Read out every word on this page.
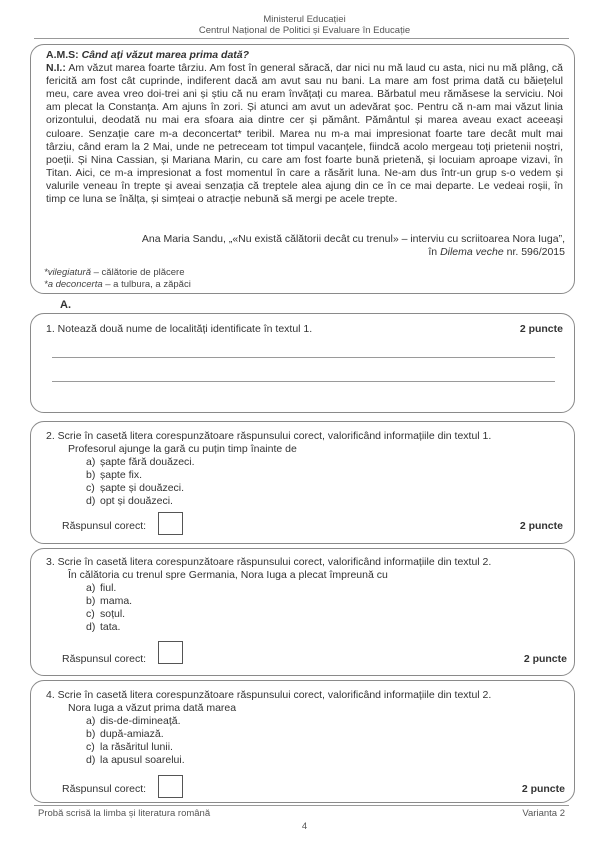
Ministerul Educației
Centrul Național de Politici și Evaluare în Educație

A.M.S: Când ați văzut marea prima dată?

N.I.: Am văzut marea foarte târziu. Am fost în general săracă, dar nici nu mă laud cu asta, nici nu mă plâng, că fericită am fost cât cuprinde, indiferent dacă am avut sau nu bani. La mare am fost prima dată cu băiețelul meu, care avea vreo doi-trei ani și știu că nu eram învățați cu marea. Bărbatul meu rămăsese la serviciu. Noi am plecat la Constanța. Am ajuns în zori. Și atunci am avut un adevărat șoc. Pentru că n-am mai văzut linia orizontului, deodată nu mai era sfoara aia dintre cer și pământ. Pământul și marea aveau exact aceeași culoare. Senzație care m-a deconcertat* teribil. Marea nu m-a mai impresionat foarte tare decât mult mai târziu, când eram la 2 Mai, unde ne petreceam tot timpul vacanțele, fiindcă acolo mergeau toți prietenii noștri, poeții. Și Nina Cassian, și Mariana Marin, cu care am fost foarte bună prietenă, și locuiam aproape vizavi, în Titan. Aici, ce m-a impresionat a fost momentul în care a răsărit luna. Ne-am dus într-un grup s-o vedem și valurile veneau în trepte și aveai senzația că treptele alea ajung din ce în ce mai departe. Le vedeai roșii, în timp ce luna se înălța, și simțeai o atracție nebună să mergi pe acele trepte.

Ana Maria Sandu, „«Nu există călătorii decât cu trenul» – interviu cu scriitoarea Nora Iuga”,
în Dilema veche nr. 596/2015
*vilegiatură – călătorie de plăcere
*a deconcerta – a tulbura, a zăpăci
A.
1. Notează două nume de localități identificate în textul 1.	2 puncte
2. Scrie în casetă litera corespunzătoare răspunsului corect, valorificând informațiile din textul 1.
Profesorul ajunge la gară cu puțin timp înainte de
a) șapte fără douăzeci.
b) șapte fix.
c) șapte și douăzeci.
d) opt și douăzeci.
Răspunsul corect:	2 puncte
3. Scrie în casetă litera corespunzătoare răspunsului corect, valorificând informațiile din textul 2.
În călătoria cu trenul spre Germania, Nora Iuga a plecat împreună cu
a) fiul.
b) mama.
c) soțul.
d) tata.
Răspunsul corect:	2 puncte
4. Scrie în casetă litera corespunzătoare răspunsului corect, valorificând informațiile din textul 2.
Nora Iuga a văzut prima dată marea
a) dis-de-dimineață.
b) după-amiază.
c) la răsăritul lunii.
d) la apusul soarelui.
Răspunsul corect:	2 puncte
Probă scrisă la limba și literatura română	Varianta 2
4
